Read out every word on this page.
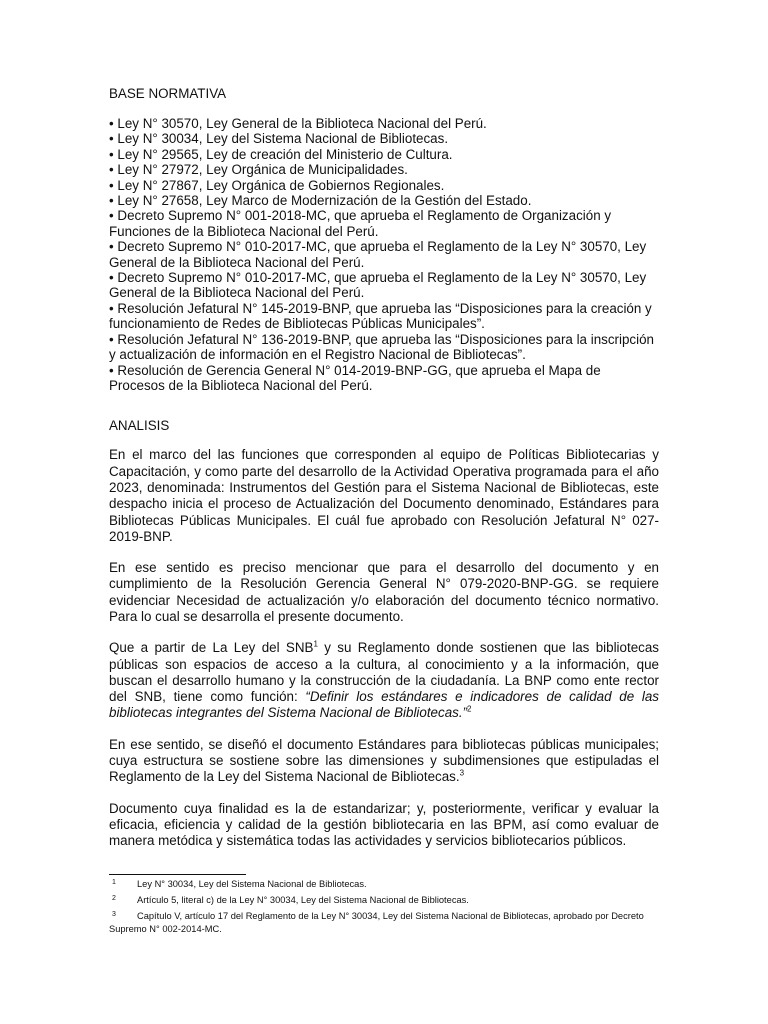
BASE NORMATIVA

• Ley N° 30570, Ley General de la Biblioteca Nacional del Perú.
• Ley N° 30034, Ley del Sistema Nacional de Bibliotecas.
• Ley N° 29565, Ley de creación del Ministerio de Cultura.
• Ley N° 27972, Ley Orgánica de Municipalidades.
• Ley N° 27867, Ley Orgánica de Gobiernos Regionales.
• Ley N° 27658, Ley Marco de Modernización de la Gestión del Estado.
• Decreto Supremo N° 001-2018-MC, que aprueba el Reglamento de Organización y Funciones de la Biblioteca Nacional del Perú.
• Decreto Supremo N° 010-2017-MC, que aprueba el Reglamento de la Ley N° 30570, Ley General de la Biblioteca Nacional del Perú.
• Decreto Supremo N° 010-2017-MC, que aprueba el Reglamento de la Ley N° 30570, Ley General de la Biblioteca Nacional del Perú.
• Resolución Jefatural N° 145-2019-BNP, que aprueba las “Disposiciones para la creación y funcionamiento de Redes de Bibliotecas Públicas Municipales”.
• Resolución Jefatural N° 136-2019-BNP, que aprueba las “Disposiciones para la inscripción y actualización de información en el Registro Nacional de Bibliotecas”.
• Resolución de Gerencia General N° 014-2019-BNP-GG, que aprueba el Mapa de Procesos de la Biblioteca Nacional del Perú.

ANALISIS

En el marco del las funciones que corresponden al equipo de Políticas Bibliotecarias y Capacitación, y como parte del desarrollo de la Actividad Operativa programada para el año 2023, denominada: Instrumentos del Gestión para el Sistema Nacional de Bibliotecas, este despacho inicia el proceso de Actualización del Documento denominado, Estándares para Bibliotecas Públicas Municipales. El cuál fue aprobado con Resolución Jefatural N° 027-2019-BNP.

En ese sentido es preciso mencionar que para el desarrollo del documento y en cumplimiento de la Resolución Gerencia General N° 079-2020-BNP-GG. se requiere evidenciar Necesidad de actualización y/o elaboración del documento técnico normativo. Para lo cual se desarrolla el presente documento.

Que a partir de La Ley del SNB$^1$ y su Reglamento donde sostienen que las bibliotecas públicas son espacios de acceso a la cultura, al conocimiento y a la información, que buscan el desarrollo humano y la construcción de la ciudadanía. La BNP como ente rector del SNB, tiene como función: “Definir los estándares e indicadores de calidad de las bibliotecas integrantes del Sistema Nacional de Bibliotecas.”$^2$

En ese sentido, se diseñó el documento Estándares para bibliotecas públicas municipales; cuya estructura se sostiene sobre las dimensiones y subdimensiones que estipuladas el Reglamento de la Ley del Sistema Nacional de Bibliotecas.$^3$

Documento cuya finalidad es la de estandarizar; y, posteriormente, verificar y evaluar la eficacia, eficiencia y calidad de la gestión bibliotecaria en las BPM, así como evaluar de manera metódica y sistemática todas las actividades y servicios bibliotecarios públicos.

1 Ley N° 30034, Ley del Sistema Nacional de Bibliotecas.
2 Artículo 5, literal c) de la Ley N° 30034, Ley del Sistema Nacional de Bibliotecas.
3 Capítulo V, artículo 17 del Reglamento de la Ley N° 30034, Ley del Sistema Nacional de Bibliotecas, aprobado por Decreto Supremo N° 002-2014-MC.
